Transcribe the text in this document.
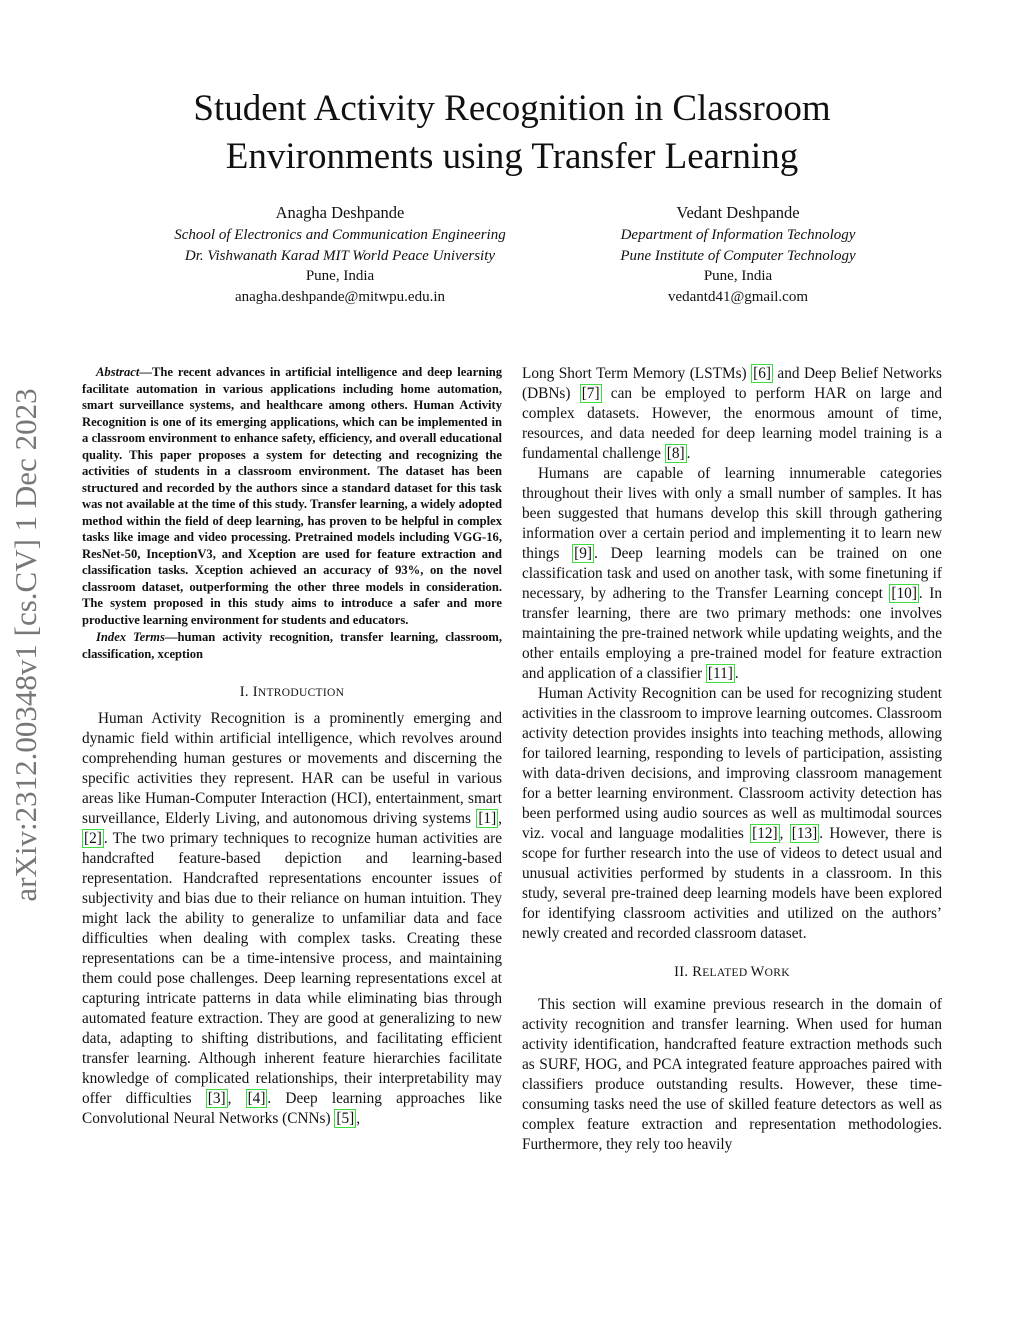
Student Activity Recognition in Classroom
Environments using Transfer Learning
Anagha Deshpande
School of Electronics and Communication Engineering
Dr. Vishwanath Karad MIT World Peace University
Pune, India
anagha.deshpande@mitwpu.edu.in
Vedant Deshpande
Department of Information Technology
Pune Institute of Computer Technology
Pune, India
vedantd41@gmail.com
arXiv:2312.00348v1 [cs.CV] 1 Dec 2023

Abstract—The recent advances in artificial intelligence and deep learning facilitate automation in various applications including home automation, smart surveillance systems, and healthcare among others. Human Activity Recognition is one of its emerging applications, which can be implemented in a classroom environment to enhance safety, efficiency, and overall educational quality. This paper proposes a system for detecting and recognizing the activities of students in a classroom environment. The dataset has been structured and recorded by the authors since a standard dataset for this task was not available at the time of this study. Transfer learning, a widely adopted method within the field of deep learning, has proven to be helpful in complex tasks like image and video processing. Pretrained models including VGG-16, ResNet-50, InceptionV3, and Xception are used for feature extraction and classification tasks. Xception achieved an accuracy of 93%, on the novel classroom dataset, outperforming the other three models in consideration. The system proposed in this study aims to introduce a safer and more productive learning environment for students and educators.

Index Terms—human activity recognition, transfer learning, classroom, classification, xception

I. INTRODUCTION

Human Activity Recognition is a prominently emerging and dynamic field within artificial intelligence, which revolves around comprehending human gestures or movements and discerning the specific activities they represent. HAR can be useful in various areas like Human-Computer Interaction (HCI), entertainment, smart surveillance, Elderly Living, and autonomous driving systems [1] , [2] . The two primary techniques to recognize human activities are handcrafted feature-based depiction and learning-based representation. Handcrafted representations encounter issues of subjectivity and bias due to their reliance on human intuition. They might lack the ability to generalize to unfamiliar data and face difficulties when dealing with complex tasks. Creating these representations can be a time-intensive process, and maintaining them could pose challenges. Deep learning representations excel at capturing intricate patterns in data while eliminating bias through automated feature extraction. They are good at generalizing to new data, adapting to shifting distributions, and facilitating efficient transfer learning. Although inherent feature hierarchies facilitate knowledge of complicated relationships, their interpretability may offer difficulties [3] , [4] . Deep learning approaches like Convolutional Neural Networks (CNNs) [5] ,

Long Short Term Memory (LSTMs) [6] and Deep Belief Networks (DBNs) [7] can be employed to perform HAR on large and complex datasets. However, the enormous amount of time, resources, and data needed for deep learning model training is a fundamental challenge [8] .

Humans are capable of learning innumerable categories throughout their lives with only a small number of samples. It has been suggested that humans develop this skill through gathering information over a certain period and implementing it to learn new things [9] . Deep learning models can be trained on one classification task and used on another task, with some finetuning if necessary, by adhering to the Transfer Learning concept [10] . In transfer learning, there are two primary methods: one involves maintaining the pre-trained network while updating weights, and the other entails employing a pre-trained model for feature extraction and application of a classifier [11] .

Human Activity Recognition can be used for recognizing student activities in the classroom to improve learning outcomes. Classroom activity detection provides insights into teaching methods, allowing for tailored learning, responding to levels of participation, assisting with data-driven decisions, and improving classroom management for a better learning environment. Classroom activity detection has been performed using audio sources as well as multimodal sources viz. vocal and language modalities [12] , [13] . However, there is scope for further research into the use of videos to detect usual and unusual activities performed by students in a classroom. In this study, several pre-trained deep learning models have been explored for identifying classroom activities and utilized on the authors’ newly created and recorded classroom dataset.

II. RELATED WORK

This section will examine previous research in the domain of activity recognition and transfer learning. When used for human activity identification, handcrafted feature extraction methods such as SURF, HOG, and PCA integrated feature approaches paired with classifiers produce outstanding results. However, these time-consuming tasks need the use of skilled feature detectors as well as complex feature extraction and representation methodologies. Furthermore, they rely too heavily
